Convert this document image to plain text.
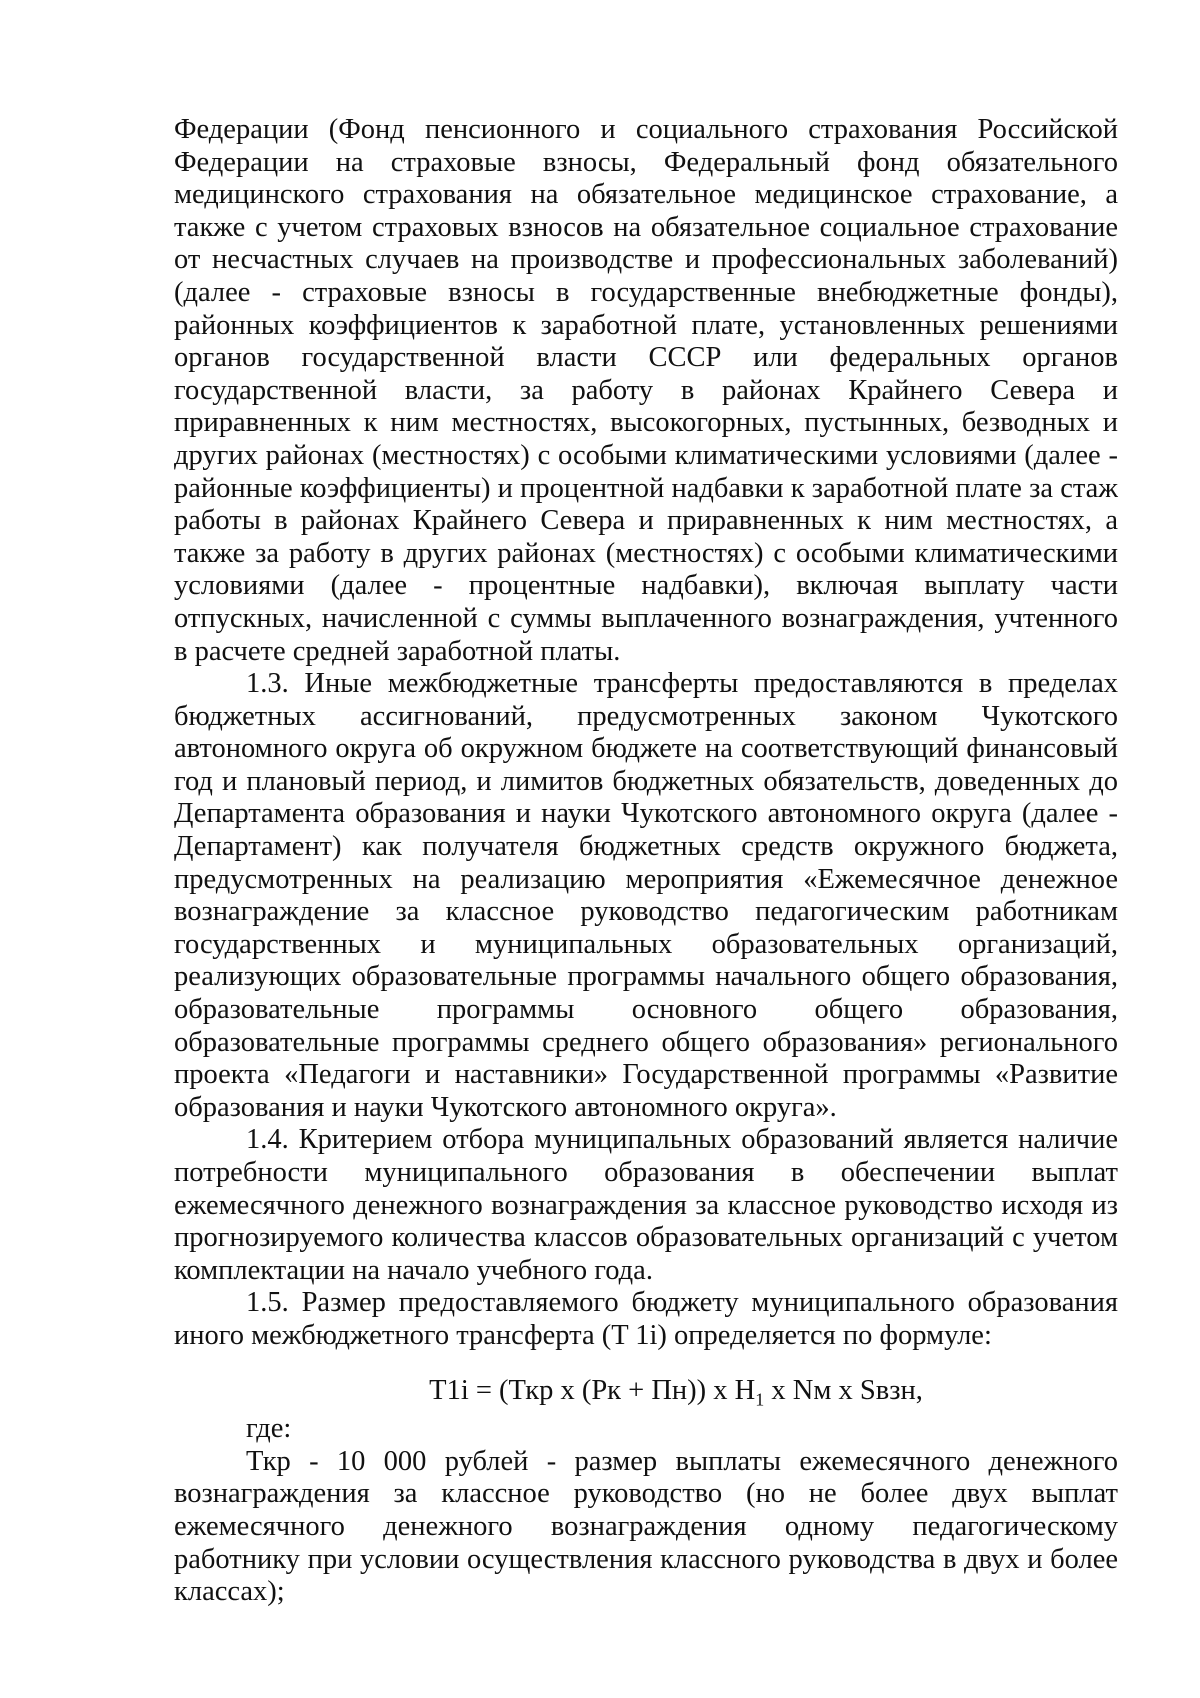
Федерации (Фонд пенсионного и социального страхования Российской Федерации на страховые взносы, Федеральный фонд обязательного медицинского страхования на обязательное медицинское страхование, а также с учетом страховых взносов на обязательное социальное страхование от несчастных случаев на производстве и профессиональных заболеваний) (далее - страховые взносы в государственные внебюджетные фонды), районных коэффициентов к заработной плате, установленных решениями органов государственной власти СССР или федеральных органов государственной власти, за работу в районах Крайнего Севера и приравненных к ним местностях, высокогорных, пустынных, безводных и других районах (местностях) с особыми климатическими условиями (далее - районные коэффициенты) и процентной надбавки к заработной плате за стаж работы в районах Крайнего Севера и приравненных к ним местностях, а также за работу в других районах (местностях) с особыми климатическими условиями (далее - процентные надбавки), включая выплату части отпускных, начисленной с суммы выплаченного вознаграждения, учтенного в расчете средней заработной платы.

1.3. Иные межбюджетные трансферты предоставляются в пределах бюджетных ассигнований, предусмотренных законом Чукотского автономного округа об окружном бюджете на соответствующий финансовый год и плановый период, и лимитов бюджетных обязательств, доведенных до Департамента образования и науки Чукотского автономного округа (далее - Департамент) как получателя бюджетных средств окружного бюджета, предусмотренных на реализацию мероприятия «Ежемесячное денежное вознаграждение за классное руководство педагогическим работникам государственных и муниципальных образовательных организаций, реализующих образовательные программы начального общего образования, образовательные программы основного общего образования, образовательные программы среднего общего образования» регионального проекта «Педагоги и наставники» Государственной программы «Развитие образования и науки Чукотского автономного округа».

1.4. Критерием отбора муниципальных образований является наличие потребности муниципального образования в обеспечении выплат ежемесячного денежного вознаграждения за классное руководство исходя из прогнозируемого количества классов образовательных организаций с учетом комплектации на начало учебного года.

1.5. Размер предоставляемого бюджету муниципального образования иного межбюджетного трансферта (T 1i) определяется по формуле:

T1i = (Ткр х (Рк + Пн)) х $Н_1$ х Nм х Sвзн,

где:

Ткр - 10 000 рублей - размер выплаты ежемесячного денежного вознаграждения за классное руководство (но не более двух выплат ежемесячного денежного вознаграждения одному педагогическому работнику при условии осуществления классного руководства в двух и более классах);
